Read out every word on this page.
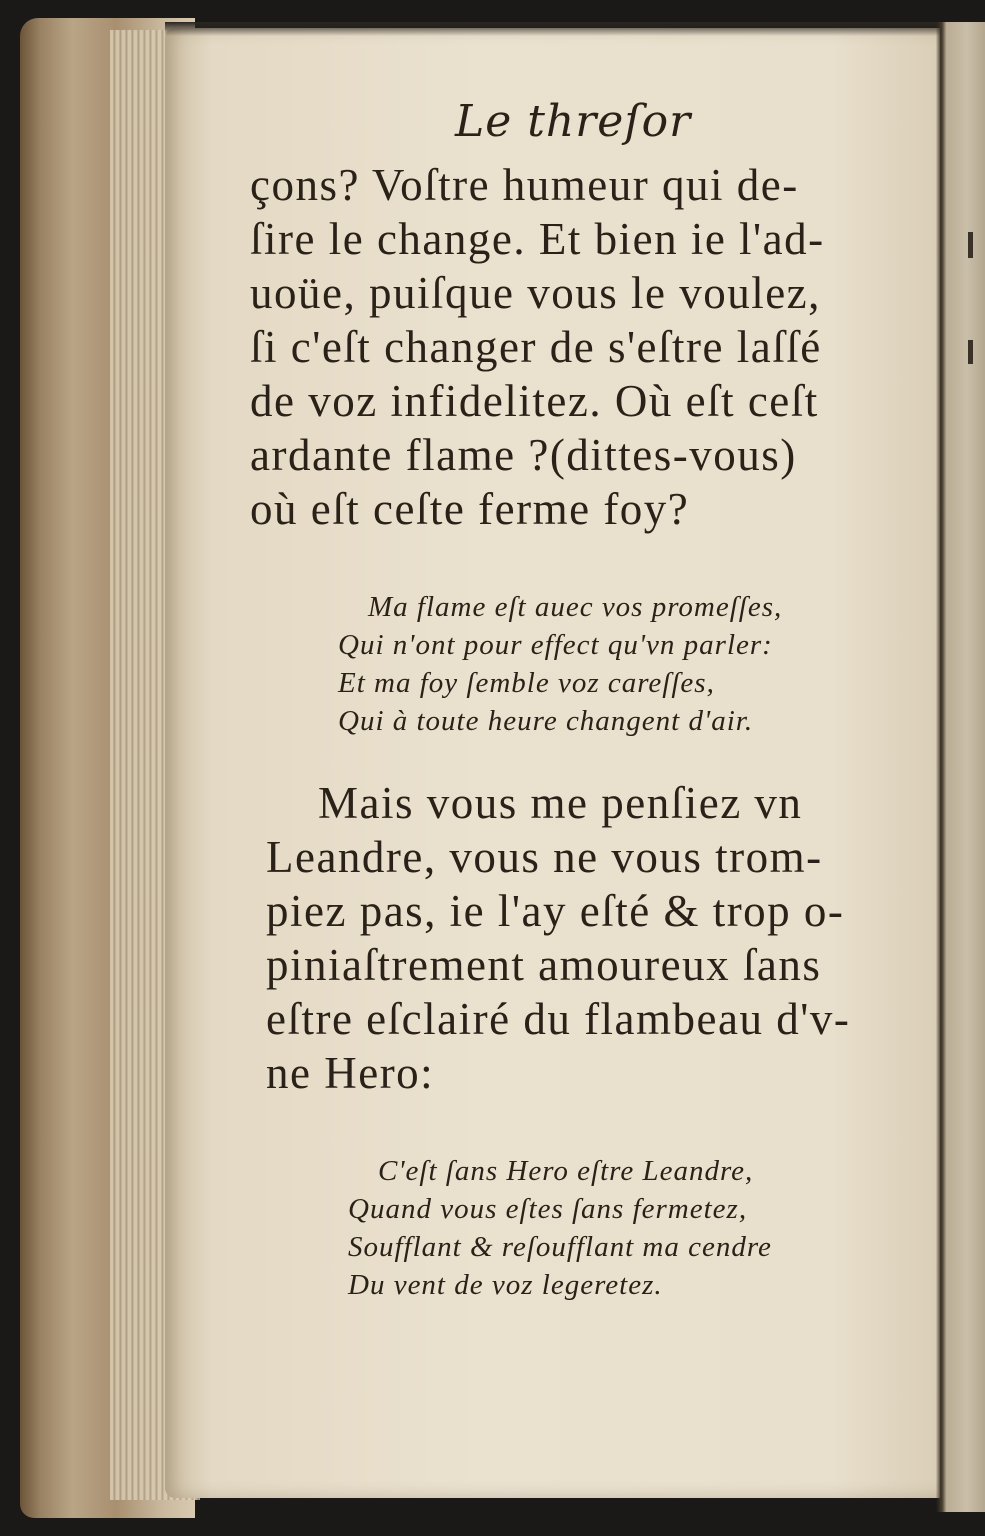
Le threſor
çons? Voſtre humeur qui de-
ſire le change. Et bien ie l'ad-
uoüe, puiſque vous le voulez,
ſi c'eſt changer de s'eſtre laſſé
de voz infidelitez. Où eſt ceſt
ardante flame ?(dittes-vous)
où eſt ceſte ferme foy?
Ma flame eſt auec vos promeſſes,
Qui n'ont pour effect qu'vn parler:
Et ma foy ſemble voz careſſes,
Qui à toute heure changent d'air.
Mais vous me penſiez vn
Leandre, vous ne vous trom-
piez pas, ie l'ay eſté & trop o-
piniaſtrement amoureux ſans
eſtre eſclairé du flambeau d'v-
ne Hero:
C'eſt ſans Hero eſtre Leandre,
Quand vous eſtes ſans fermetez,
Soufflant & reſoufflant ma cendre
Du vent de voz legeretez.
